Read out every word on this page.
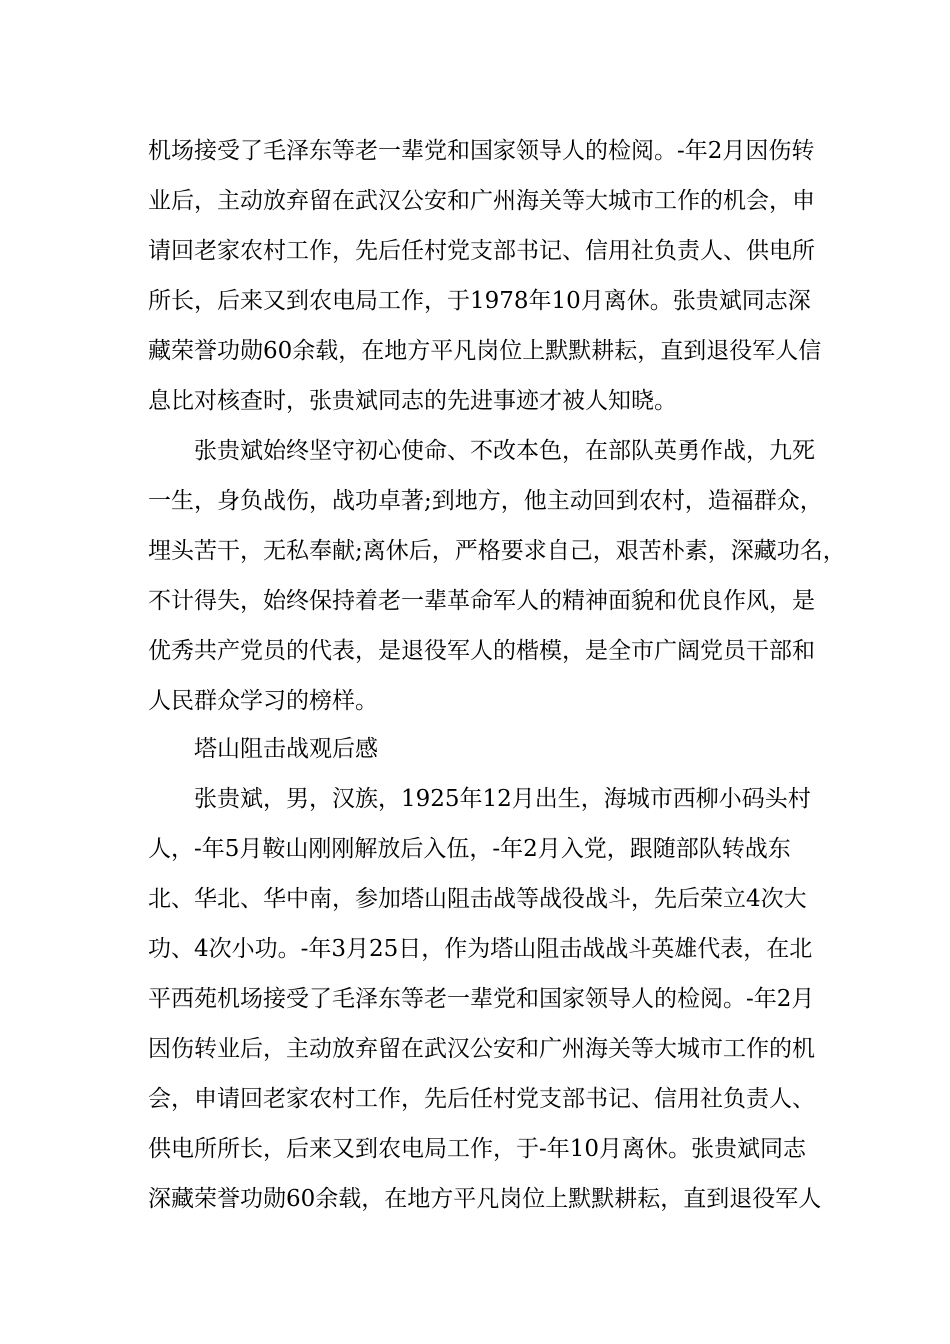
机场接受了毛泽东等老一辈党和国家领导人的检阅。-年2月因伤转
业后，主动放弃留在武汉公安和广州海关等大城市工作的机会，申
请回老家农村工作，先后任村党支部书记、信用社负责人、供电所
所长，后来又到农电局工作，于1978年10月离休。张贵斌同志深
藏荣誉功勋60余载，在地方平凡岗位上默默耕耘，直到退役军人信
息比对核查时，张贵斌同志的先进事迹才被人知晓。
张贵斌始终坚守初心使命、不改本色，在部队英勇作战，九死
一生，身负战伤，战功卓著;到地方，他主动回到农村，造福群众，
埋头苦干，无私奉献;离休后，严格要求自己，艰苦朴素，深藏功名，
不计得失，始终保持着老一辈革命军人的精神面貌和优良作风，是
优秀共产党员的代表，是退役军人的楷模，是全市广阔党员干部和
人民群众学习的榜样。
塔山阻击战观后感
张贵斌，男，汉族，1925年12月出生，海城市西柳小码头村
人，-年5月鞍山刚刚解放后入伍，-年2月入党，跟随部队转战东
北、华北、华中南，参加塔山阻击战等战役战斗，先后荣立4次大
功、4次小功。-年3月25日，作为塔山阻击战战斗英雄代表，在北
平西苑机场接受了毛泽东等老一辈党和国家领导人的检阅。-年2月
因伤转业后，主动放弃留在武汉公安和广州海关等大城市工作的机
会，申请回老家农村工作，先后任村党支部书记、信用社负责人、
供电所所长，后来又到农电局工作，于-年10月离休。张贵斌同志
深藏荣誉功勋60余载，在地方平凡岗位上默默耕耘，直到退役军人
